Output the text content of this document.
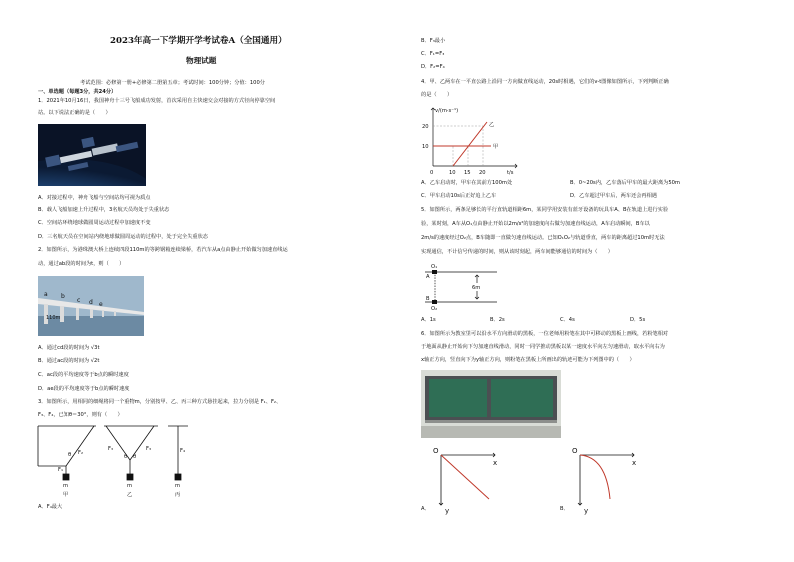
2023年高一下学期开学考试卷A（全国通用）
物理试题
考试范围：必修第一册+必修第二册第五章；考试时间：100分钟；分值：100分
一、单选题（每题3分，共24分）
1．2021年10月16日，我国神舟十三号飞船成功发射，首次采用自主快速交会对接的方式径向停靠空间
站。以下说法正确的是（　　）
A．对接过程中，神舟飞船与空间站均可视为质点
B．载人飞船加速上升过程中，3名航天员均处于失重状态
C．空间站环绕地球做圆周运动过程中加速度不变
D．三名航天员在空间站内绕地球做圆周运动的过程中，处于完全失重状态
2．如图所示，为港珠澳大桥上连续四段110m的等跨钢箱连续梁桥，若汽车从a点由静止开始做匀加速直线运
动，通过ab段的时间为t，则（　　）
a b
c d e
110m
A．通过cd段的时间为 √3t
B．通过ac段的时间为 √2t
C．ac段的平均速度等于b点的瞬时速度
D．ae段的平均速度等于b点的瞬时速度
3．如图所示，用相同的细绳将同一个重物m，分别按甲、乙、丙三种方式悬挂起来，拉力分别是 F₁、F₂、
F₃、F₄，已知θ＝30°，则有（　　）
F₁
F₂
θ
F₃	F₃
θ θ
F₄
m	m	m
甲	乙	丙
A．F₄最大
B．F₃最小
C．F₁=F₃
D．F₂=F₄
4．甲、乙两车在一平直公路上沿同一方向做直线运动，20s时相遇，它们的v-t图像如图所示，下列判断正确
的是（　　）
v/(m·s⁻¹)
t/s
20
10
0	10 15 20
乙
甲
A．乙车启动时，甲车在其前方100m处	B．0~20s内，乙车落后甲车的最大距离为50m
C．甲车启动10s后正好追上乙车	D．乙车超过甲车后，两车还会再相遇
5．如图所示，两条足够长的平行直轨道相距6m，某同学用安装有蓝牙设备的玩具车A、B在轨道上进行实验
验，某时刻，A车从O₁点由静止开始以2m/s²的加速度向右做匀加速直线运动，A车启动瞬间，B车以
2m/s的速度经过O₂点，B车随即一直做匀速直线运动。已知O₁O₂与轨道垂直，两车的距离超过10m时无法
实现通信，不计信号传递的时间，则从该时刻起，两车间能够通信的时间为（　　）
O₁
A
B
O₂
6m
A．1s	B．2s	C．4s	D．5s
6．如图所示为教室里可以沿水平方向滑动的黑板，一位老师用粉笔在其中可移动的黑板上画线，若粉笔相对
于地面从静止开始向下匀加速直线滑动，同时一同学推动黑板以某一速度水平向左匀速滑动，取水平向右为
x轴正方向，竖直向下为y轴正方向，则粉笔在黑板上所画出的轨迹可能为下列图中的（　　）
O
x
y
A．
O
x
y
B．
